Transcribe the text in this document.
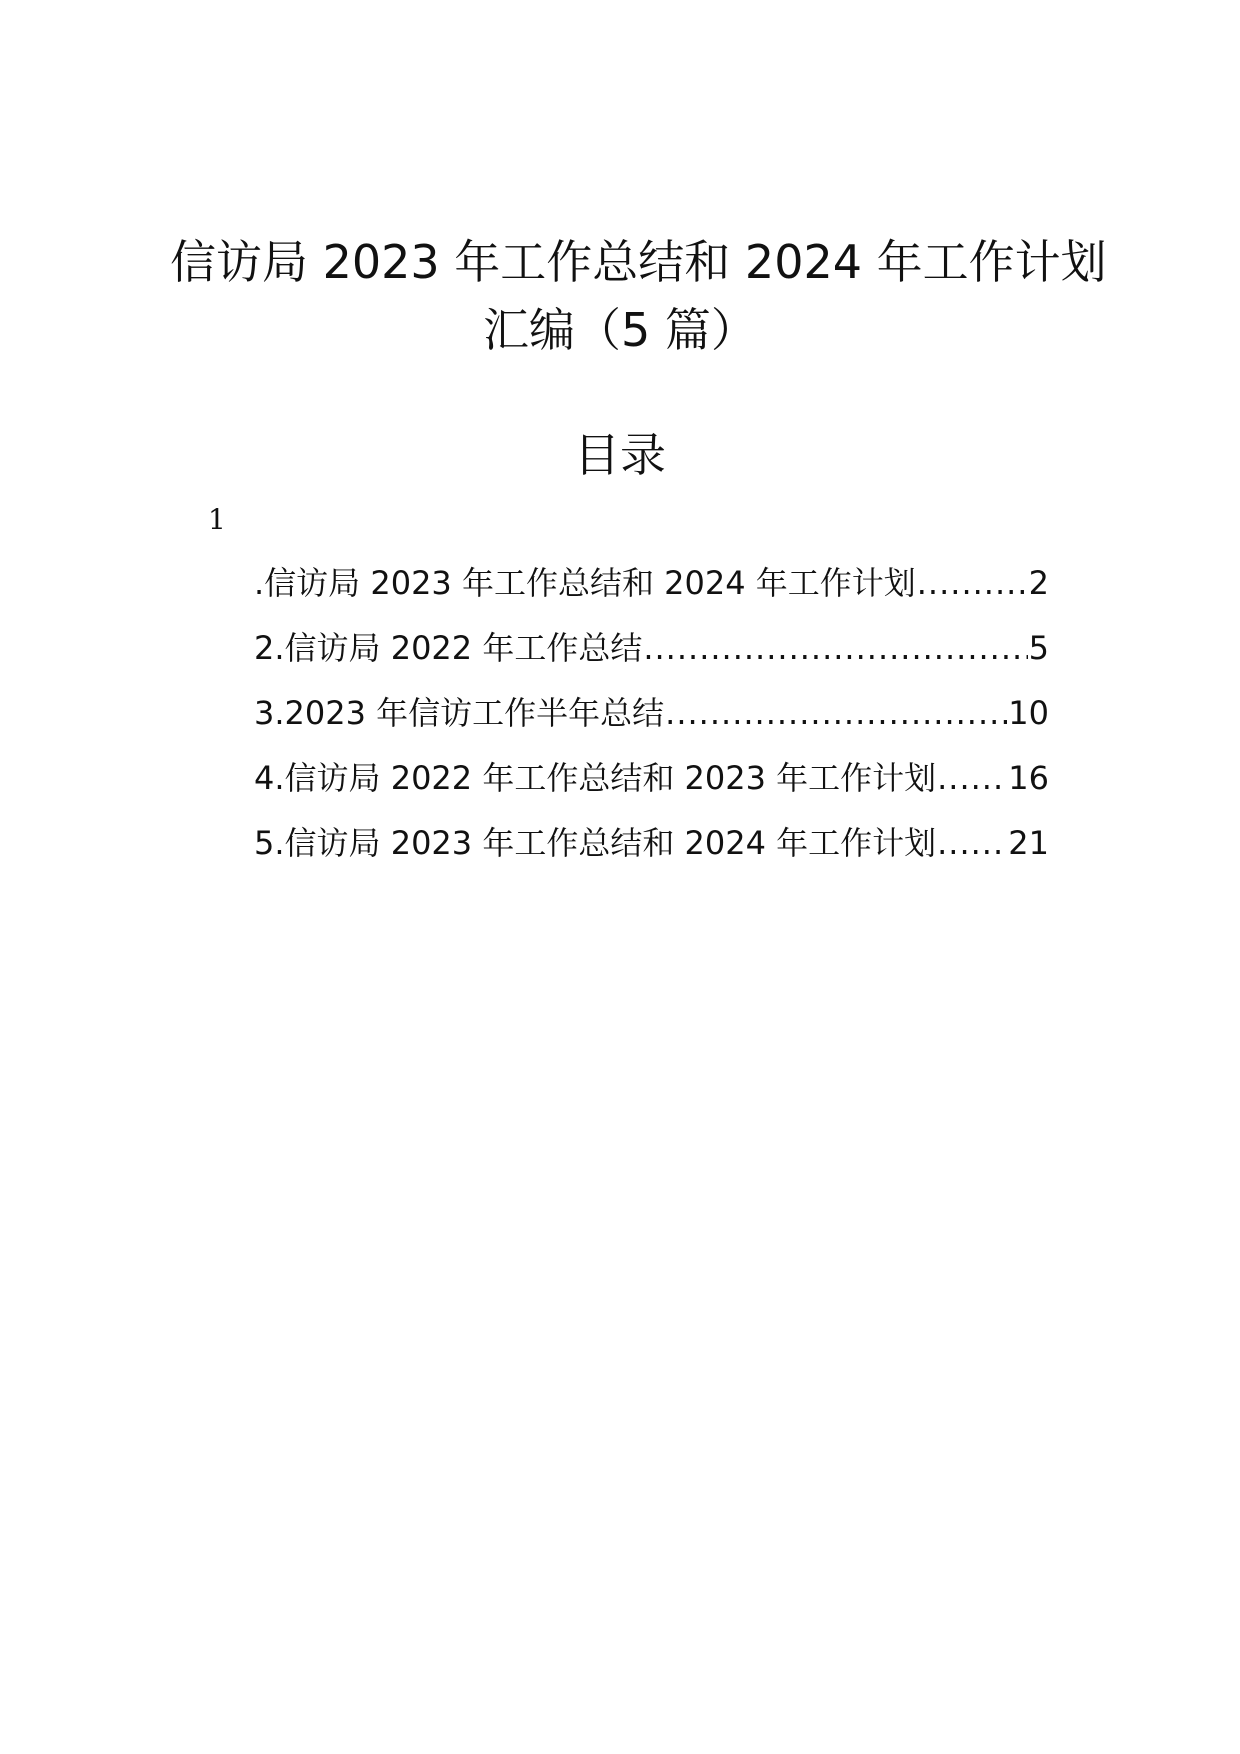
信访局 2023 年工作总结和 2024 年工作计划
汇编（5 篇）
目录
1
.信访局 2023 年工作总结和 2024 年工作计划 .....	2
2.信访局 2022 年工作总结 .....	5
3.2023 年信访工作半年总结 .....	10
4.信访局 2022 年工作总结和 2023 年工作计划 ..... 16
5.信访局 2023 年工作总结和 2024 年工作计划 ..... 21
